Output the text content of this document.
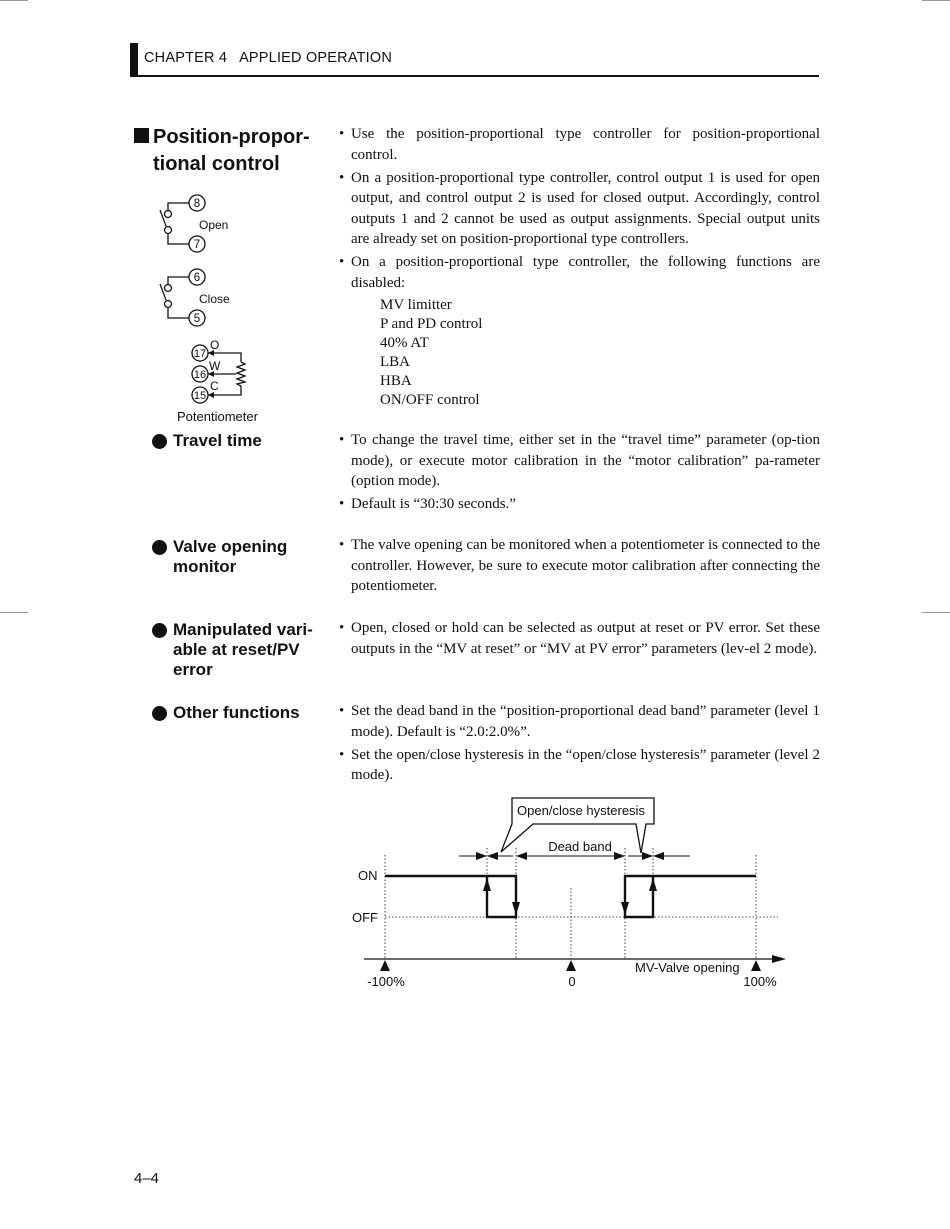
CHAPTER 4   APPLIED OPERATION
Position-propor-
tional control
• Use the position-proportional type controller for position-proportional control.
• On a position-proportional type controller, control output 1 is used for open output, and control output 2 is used for closed output. Accordingly, control outputs 1 and 2 cannot be used as output assignments. Special output units are already set on position-proportional type controllers.
• On a position-proportional type controller, the following functions are disabled:
MV limitter
P and PD control
40% AT
LBA
HBA
ON/OFF control
8
7
6
5
17
16
15
Open
Close
O
W
C
Potentiometer
Travel time	• To change the travel time, either set in the “travel time” parameter (op-tion mode), or execute motor calibration in the “motor calibration” pa-rameter (option mode).
• Default is “30:30 seconds.”
Valve opening
monitor
• The valve opening can be monitored when a potentiometer is connected to the controller. However, be sure to execute motor calibration after connecting the potentiometer.
Manipulated vari-
able at reset/PV
error
• Open, closed or hold can be selected as output at reset or PV error. Set these outputs in the “MV at reset” or “MV at PV error” parameters (lev-el 2 mode).
Other functions	• Set the dead band in the “position-proportional dead band” parameter (level 1 mode). Default is “2.0:2.0%”.
• Set the open/close hysteresis in the “open/close hysteresis” parameter (level 2 mode).
Open/close hysteresis
Dead band
ON
OFF
MV-Valve opening
-100%	0	100%
4–4
